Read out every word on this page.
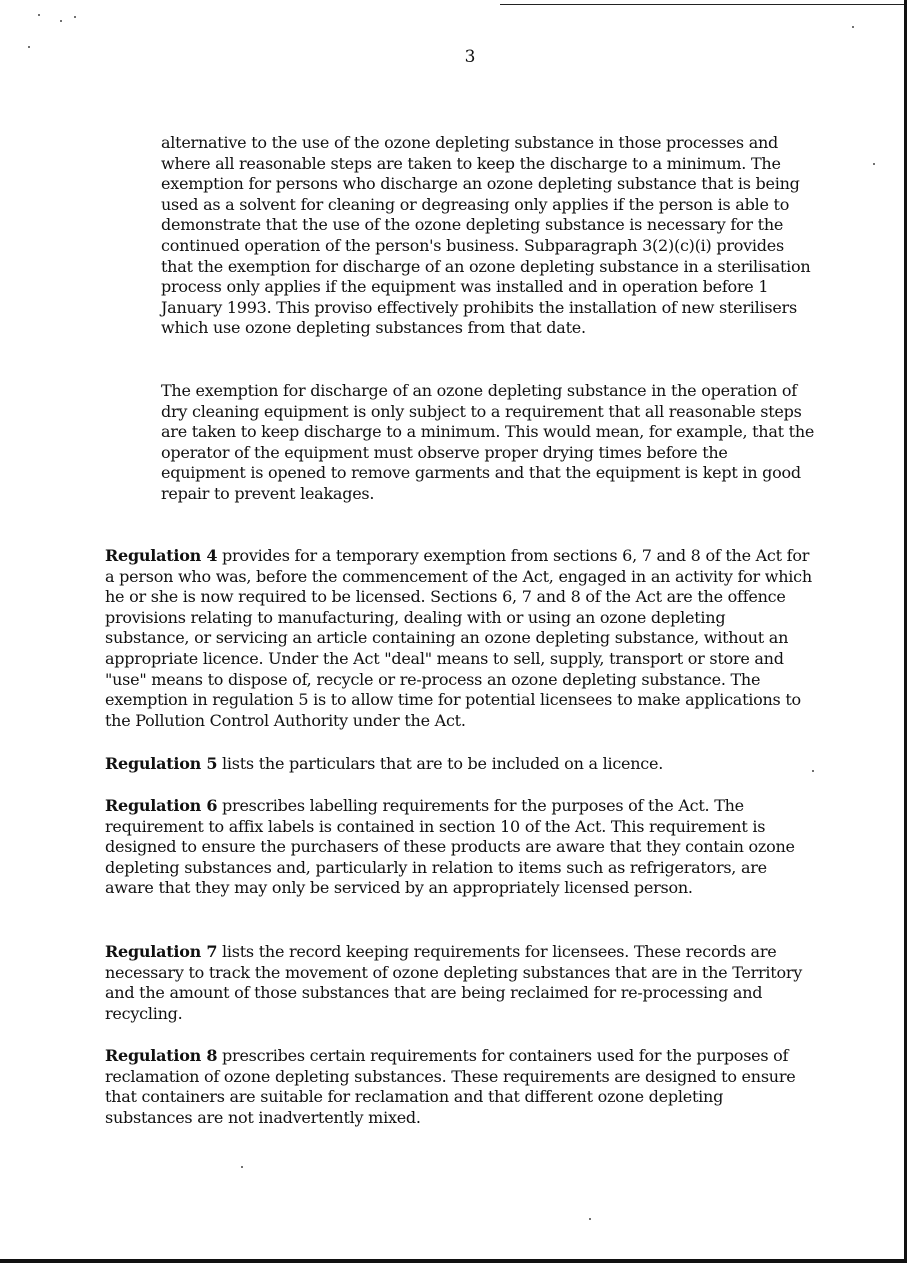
3

alternative to the use of the ozone depleting substance in those processes and where all reasonable steps are taken to keep the discharge to a minimum. The exemption for persons who discharge an ozone depleting substance that is being used as a solvent for cleaning or degreasing only applies if the person is able to demonstrate that the use of the ozone depleting substance is necessary for the continued operation of the person's business. Subparagraph 3(2)(c)(i) provides that the exemption for discharge of an ozone depleting substance in a sterilisation process only applies if the equipment was installed and in operation before 1 January 1993. This proviso effectively prohibits the installation of new sterilisers which use ozone depleting substances from that date.

The exemption for discharge of an ozone depleting substance in the operation of dry cleaning equipment is only subject to a requirement that all reasonable steps are taken to keep discharge to a minimum. This would mean, for example, that the operator of the equipment must observe proper drying times before the equipment is opened to remove garments and that the equipment is kept in good repair to prevent leakages.

Regulation 4 provides for a temporary exemption from sections 6, 7 and 8 of the Act for a person who was, before the commencement of the Act, engaged in an activity for which he or she is now required to be licensed. Sections 6, 7 and 8 of the Act are the offence provisions relating to manufacturing, dealing with or using an ozone depleting substance, or servicing an article containing an ozone depleting substance, without an appropriate licence. Under the Act "deal" means to sell, supply, transport or store and "use" means to dispose of, recycle or re-process an ozone depleting substance. The exemption in regulation 5 is to allow time for potential licensees to make applications to the Pollution Control Authority under the Act.

Regulation 5 lists the particulars that are to be included on a licence.

Regulation 6 prescribes labelling requirements for the purposes of the Act. The requirement to affix labels is contained in section 10 of the Act. This requirement is designed to ensure the purchasers of these products are aware that they contain ozone depleting substances and, particularly in relation to items such as refrigerators, are aware that they may only be serviced by an appropriately licensed person.

Regulation 7 lists the record keeping requirements for licensees. These records are necessary to track the movement of ozone depleting substances that are in the Territory and the amount of those substances that are being reclaimed for re-processing and recycling.

Regulation 8 prescribes certain requirements for containers used for the purposes of reclamation of ozone depleting substances. These requirements are designed to ensure that containers are suitable for reclamation and that different ozone depleting substances are not inadvertently mixed.
